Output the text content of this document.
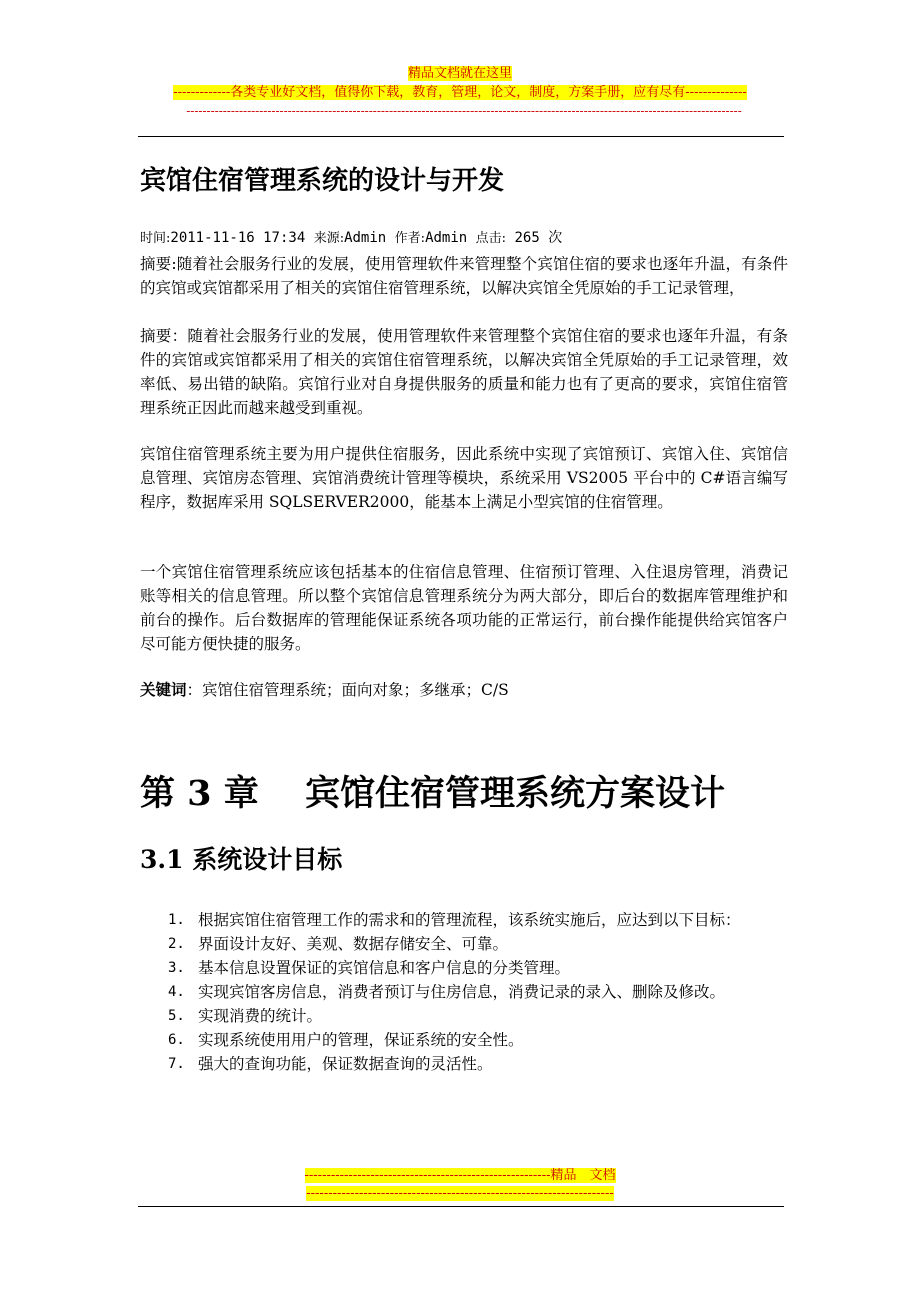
精品文档就在这里
-------------各类专业好文档，值得你下载，教育，管理，论文，制度，方案手册，应有尽有--------------
-----------------------------------------------------------------------------------------------------------------------------------------
宾馆住宿管理系统的设计与开发
时间:2011-11-16 17:34 来源:Admin 作者:Admin 点击: 265 次

摘要:随着社会服务行业的发展，使用管理软件来管理整个宾馆住宿的要求也逐年升温，有条件的宾馆或宾馆都采用了相关的宾馆住宿管理系统，以解决宾馆全凭原始的手工记录管理，

摘要：随着社会服务行业的发展，使用管理软件来管理整个宾馆住宿的要求也逐年升温，有条件的宾馆或宾馆都采用了相关的宾馆住宿管理系统，以解决宾馆全凭原始的手工记录管理，效率低、易出错的缺陷。宾馆行业对自身提供服务的质量和能力也有了更高的要求，宾馆住宿管理系统正因此而越来越受到重视。

宾馆住宿管理系统主要为用户提供住宿服务，因此系统中实现了宾馆预订、宾馆入住、宾馆信息管理、宾馆房态管理、宾馆消费统计管理等模块，系统采用 VS2005 平台中的 C#语言编写程序，数据库采用 SQLSERVER2000，能基本上满足小型宾馆的住宿管理。

一个宾馆住宿管理系统应该包括基本的住宿信息管理、住宿预订管理、入住退房管理，消费记账等相关的信息管理。所以整个宾馆信息管理系统分为两大部分，即后台的数据库管理维护和前台的操作。后台数据库的管理能保证系统各项功能的正常运行，前台操作能提供给宾馆客户尽可能方便快捷的服务。

关键词：宾馆住宿管理系统；面向对象；多继承；C/S

第 3 章 宾馆住宿管理系统方案设计
3.1 系统设计目标
1. 根据宾馆住宿管理工作的需求和的管理流程，该系统实施后，应达到以下目标：
2. 界面设计友好、美观、数据存储安全、可靠。
3. 基本信息设置保证的宾馆信息和客户信息的分类管理。
4. 实现宾馆客房信息，消费者预订与住房信息，消费记录的录入、删除及修改。
5. 实现消费的统计。
6. 实现系统使用用户的管理，保证系统的安全性。
7. 强大的查询功能，保证数据查询的灵活性。
--------------------------------------------------------精品　文档
----------------------------------------------------------------------
